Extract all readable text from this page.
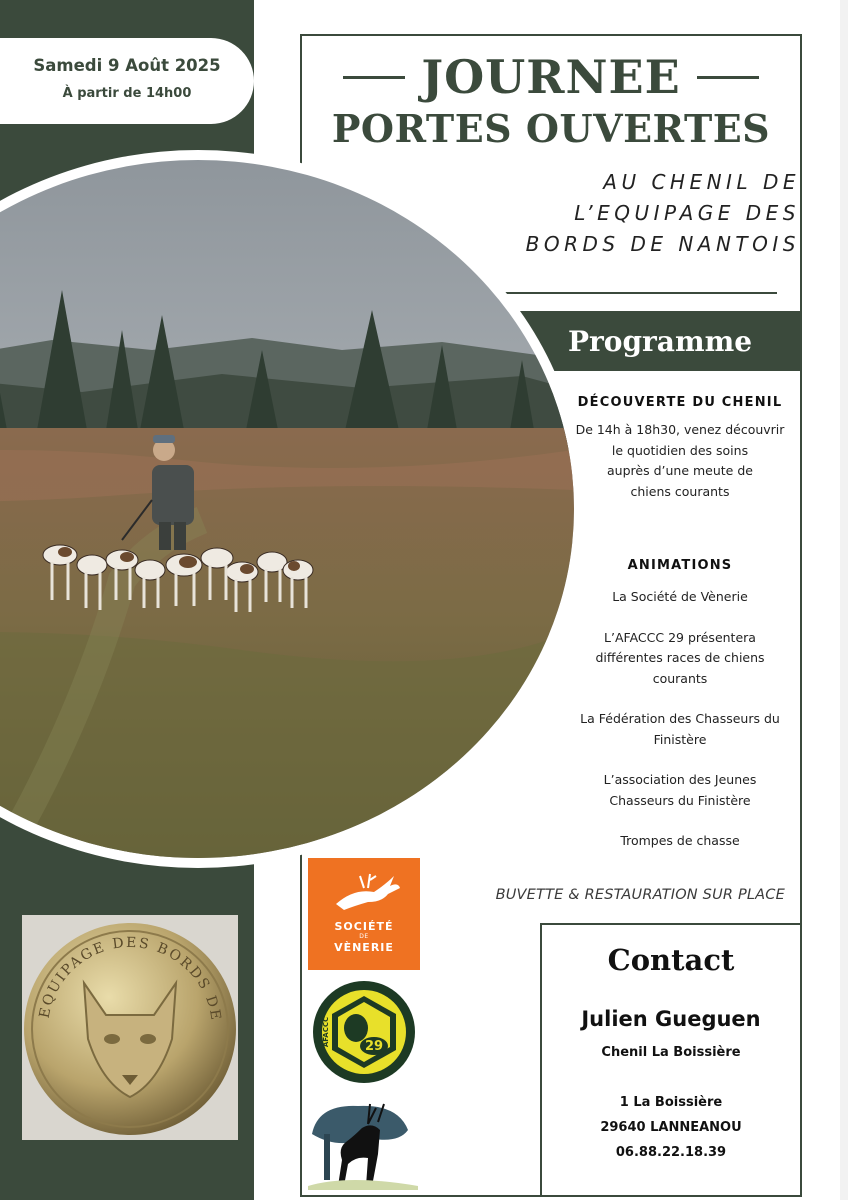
Samedi 9 Août 2025
À partir de 14h00	JOURNEE
PORTES OUVERTES
AU CHENIL DE
L’EQUIPAGE DES
BORDS DE NANTOIS
Programme
DÉCOUVERTE DU CHENIL
De 14h à 18h30, venez découvrir
le quotidien des soins
auprès d’une meute de
chiens courants
ANIMATIONS
La Société de Vènerie
L’AFACCC 29 présentera
différentes races de chiens
courants
La Fédération des Chasseurs du
Finistère
L’association des Jeunes
Chasseurs du Finistère
Trompes de chasse
BUVETTE & RESTAURATION SUR PLACE
SOCIÉTÉ
DE
VÈNERIE
29
AFACCC
EQUIPAGE DES BORDS DE
Contact
Julien Gueguen
Chenil La Boissière
1 La Boissière
29640 LANNEANOU
06.88.22.18.39
